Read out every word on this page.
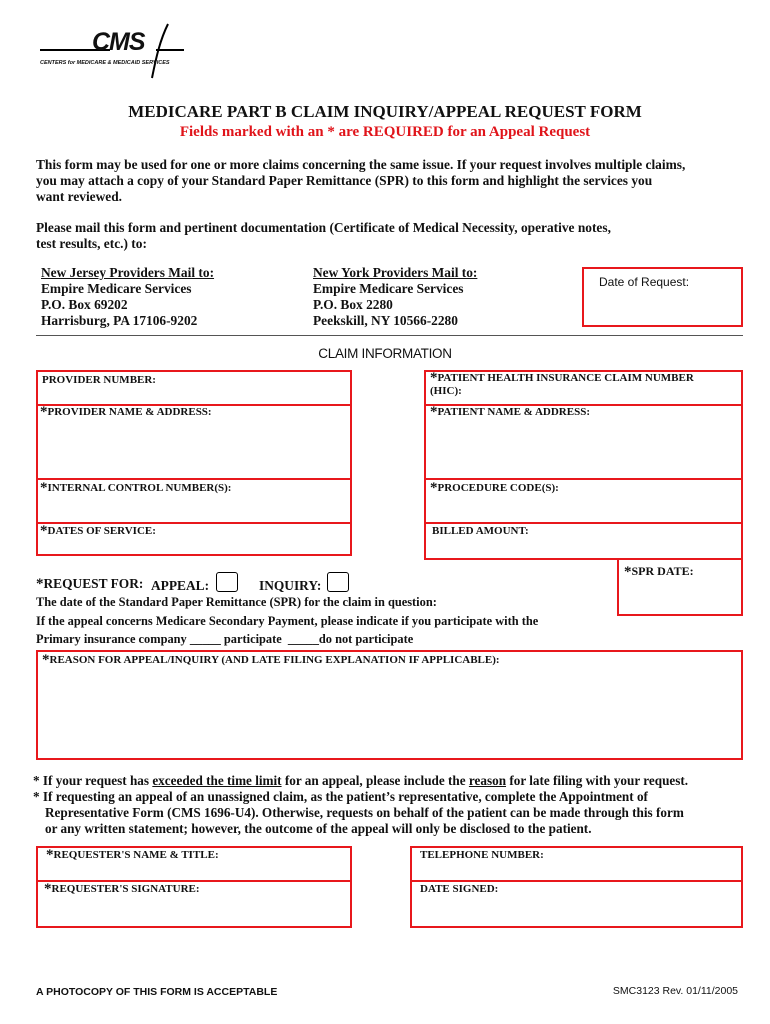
CMS
CENTERS for MEDICARE & MEDICAID SERVICES
MEDICARE PART B CLAIM INQUIRY/APPEAL REQUEST FORM
Fields marked with an * are REQUIRED for an Appeal Request
This form may be used for one or more claims concerning the same issue. If your request involves multiple claims,
you may attach a copy of your Standard Paper Remittance (SPR) to this form and highlight the services you
want reviewed.
Please mail this form and pertinent documentation (Certificate of Medical Necessity, operative notes,
test results, etc.) to:
New Jersey Providers Mail to:
Empire Medicare Services
P.O. Box 69202
Harrisburg, PA 17106-9202
New York Providers Mail to:
Empire Medicare Services
P.O. Box 2280
Peekskill, NY 10566-2280
Date of Request:
CLAIM INFORMATION
PROVIDER NUMBER:
*PROVIDER NAME & ADDRESS:
*INTERNAL CONTROL NUMBER(S):
*DATES OF SERVICE:
*PATIENT HEALTH INSURANCE CLAIM NUMBER
(HIC):
*PATIENT NAME & ADDRESS:
*PROCEDURE CODE(S):
BILLED AMOUNT:
*SPR DATE:
*REQUEST FOR: APPEAL:	INQUIRY:
The date of the Standard Paper Remittance (SPR) for the claim in question:
If the appeal concerns Medicare Secondary Payment, please indicate if you participate with the
Primary insurance company _____ participate  _____do not participate
*REASON FOR APPEAL/INQUIRY (AND LATE FILING EXPLANATION IF APPLICABLE):
* If your request has exceeded the time limit for an appeal, please include the reason for late filing with your request.
* If requesting an appeal of an unassigned claim, as the patient’s representative, complete the Appointment of
Representative Form (CMS 1696-U4). Otherwise, requests on behalf of the patient can be made through this form
or any written statement; however, the outcome of the appeal will only be disclosed to the patient.
*REQUESTER'S NAME & TITLE:
*REQUESTER'S SIGNATURE:
TELEPHONE NUMBER:
DATE SIGNED:
A PHOTOCOPY OF THIS FORM IS ACCEPTABLE	SMC3123 Rev. 01/11/2005
